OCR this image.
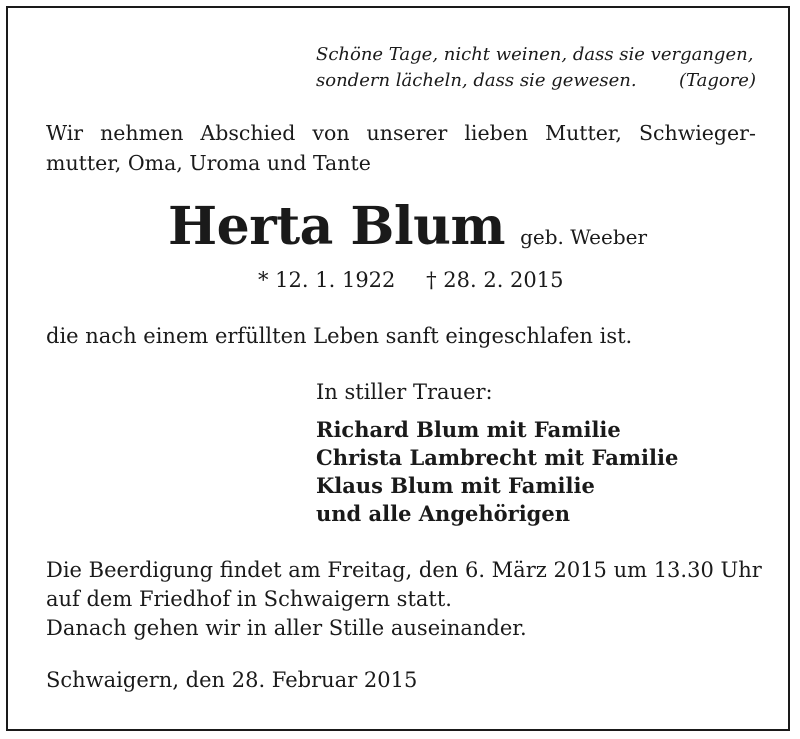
Schöne Tage, nicht weinen, dass sie vergangen,
sondern lächeln, dass sie gewesen. (Tagore)
Wir nehmen Abschied von unserer lieben Mutter, Schwieger-
mutter, Oma, Uroma und Tante
Herta Blum geb. Weeber
* 12. 1. 1922 † 28. 2. 2015
die nach einem erfüllten Leben sanft eingeschlafen ist.
In stiller Trauer:
Richard Blum mit Familie
Christa Lambrecht mit Familie
Klaus Blum mit Familie
und alle Angehörigen
Die Beerdigung findet am Freitag, den 6. März 2015 um 13.30 Uhr
auf dem Friedhof in Schwaigern statt.
Danach gehen wir in aller Stille auseinander.
Schwaigern, den 28. Februar 2015
